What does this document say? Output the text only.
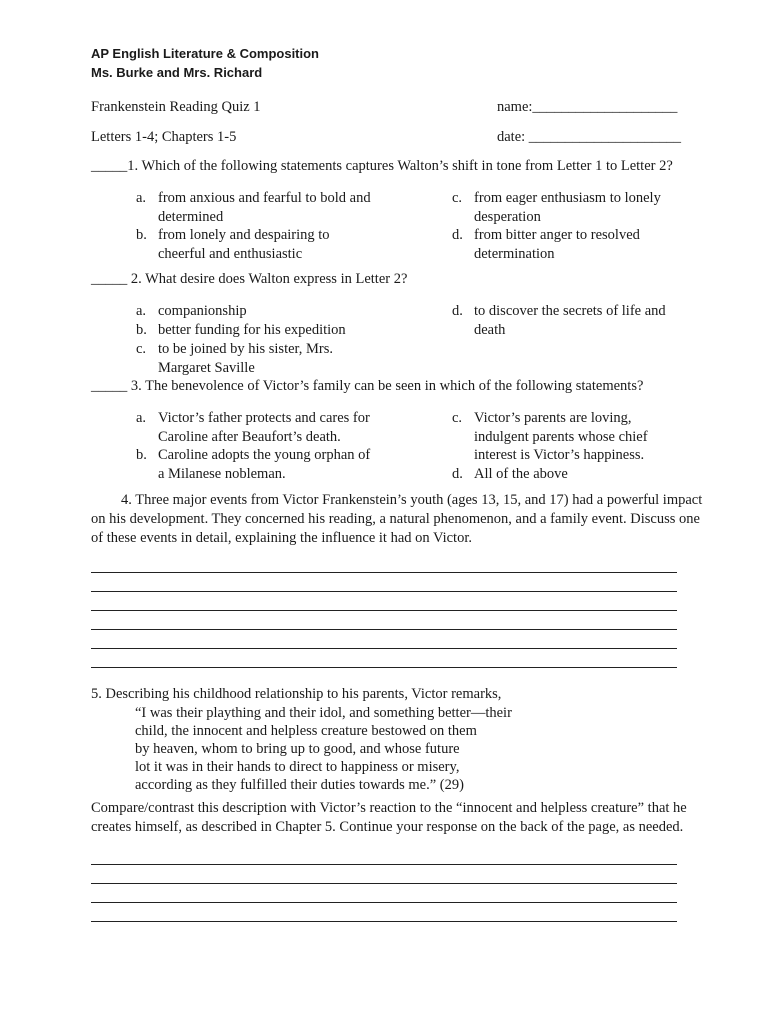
AP English Literature & Composition
Ms. Burke and Mrs. Richard
Frankenstein Reading Quiz 1	name:____________________
Letters 1-4; Chapters 1-5	date: _____________________
_____1. Which of the following statements captures Walton’s shift in tone from Letter 1 to Letter 2?
a. from anxious and fearful to bold and
determined
b. from lonely and despairing to
cheerful and enthusiastic
c. from eager enthusiasm to lonely
desperation
d. from bitter anger to resolved
determination
_____ 2. What desire does Walton express in Letter 2?
a. companionship
b. better funding for his expedition
c. to be joined by his sister, Mrs.
Margaret Saville
d. to discover the secrets of life and
death
_____ 3. The benevolence of Victor’s family can be seen in which of the following statements?
a. Victor’s father protects and cares for
Caroline after Beaufort’s death.
b. Caroline adopts the young orphan of
a Milanese nobleman.
c. Victor’s parents are loving,
indulgent parents whose chief
interest is Victor’s happiness.
d. All of the above
4. Three major events from Victor Frankenstein’s youth (ages 13, 15, and 17) had a powerful impact
on his development. They concerned his reading, a natural phenomenon, and a family event. Discuss one
of these events in detail, explaining the influence it had on Victor.
5. Describing his childhood relationship to his parents, Victor remarks,
“I was their plaything and their idol, and something better—their
child, the innocent and helpless creature bestowed on them
by heaven, whom to bring up to good, and whose future
lot it was in their hands to direct to happiness or misery,
according as they fulfilled their duties towards me.” (29)
Compare/contrast this description with Victor’s reaction to the “innocent and helpless creature” that he
creates himself, as described in Chapter 5. Continue your response on the back of the page, as needed.
